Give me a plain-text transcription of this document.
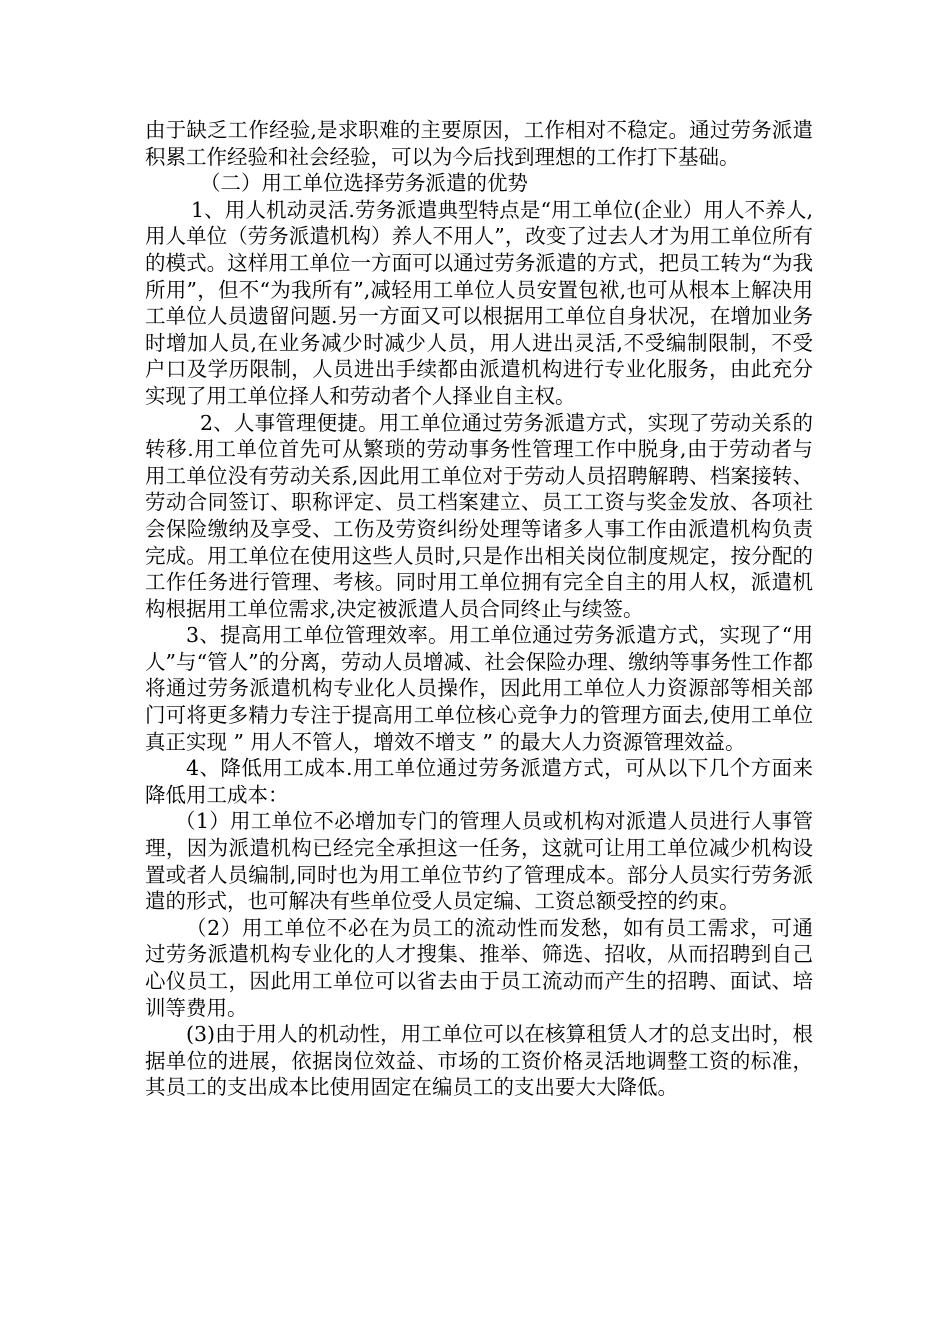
由于缺乏工作经验,是求职难的主要原因，工作相对不稳定。通过劳务派遣积累工作经验和社会经验，可以为今后找到理想的工作打下基础。

（二）用工单位选择劳务派遣的优势

1、用人机动灵活.劳务派遣典型特点是“用工单位(企业）用人不养人,用人单位（劳务派遣机构）养人不用人”，改变了过去人才为用工单位所有的模式。这样用工单位一方面可以通过劳务派遣的方式，把员工转为“为我所用”，但不“为我所有”,减轻用工单位人员安置包袱,也可从根本上解决用工单位人员遗留问题.另一方面又可以根据用工单位自身状况，在增加业务时增加人员,在业务减少时减少人员，用人进出灵活,不受编制限制，不受户口及学历限制，人员进出手续都由派遣机构进行专业化服务，由此充分实现了用工单位择人和劳动者个人择业自主权。

2、人事管理便捷。用工单位通过劳务派遣方式，实现了劳动关系的转移.用工单位首先可从繁琐的劳动事务性管理工作中脱身,由于劳动者与用工单位没有劳动关系,因此用工单位对于劳动人员招聘解聘、档案接转、劳动合同签订、职称评定、员工档案建立、员工工资与奖金发放、各项社会保险缴纳及享受、工伤及劳资纠纷处理等诸多人事工作由派遣机构负责完成。用工单位在使用这些人员时,只是作出相关岗位制度规定，按分配的工作任务进行管理、考核。同时用工单位拥有完全自主的用人权，派遣机构根据用工单位需求,决定被派遣人员合同终止与续签。

3、提高用工单位管理效率。用工单位通过劳务派遣方式，实现了“用人”与“管人”的分离，劳动人员增减、社会保险办理、缴纳等事务性工作都将通过劳务派遣机构专业化人员操作，因此用工单位人力资源部等相关部门可将更多精力专注于提高用工单位核心竞争力的管理方面去,使用工单位真正实现 ” 用人不管人，增效不增支 ” 的最大人力资源管理效益。

4、降低用工成本.用工单位通过劳务派遣方式，可从以下几个方面来降低用工成本：

（1）用工单位不必增加专门的管理人员或机构对派遣人员进行人事管理，因为派遣机构已经完全承担这一任务，这就可让用工单位减少机构设置或者人员编制,同时也为用工单位节约了管理成本。部分人员实行劳务派遣的形式，也可解决有些单位受人员定编、工资总额受控的约束。

（2）用工单位不必在为员工的流动性而发愁，如有员工需求，可通过劳务派遣机构专业化的人才搜集、推举、筛选、招收，从而招聘到自己心仪员工，因此用工单位可以省去由于员工流动而产生的招聘、面试、培训等费用。

(3)由于用人的机动性，用工单位可以在核算租赁人才的总支出时，根据单位的进展，依据岗位效益、市场的工资价格灵活地调整工资的标准，其员工的支出成本比使用固定在编员工的支出要大大降低。
